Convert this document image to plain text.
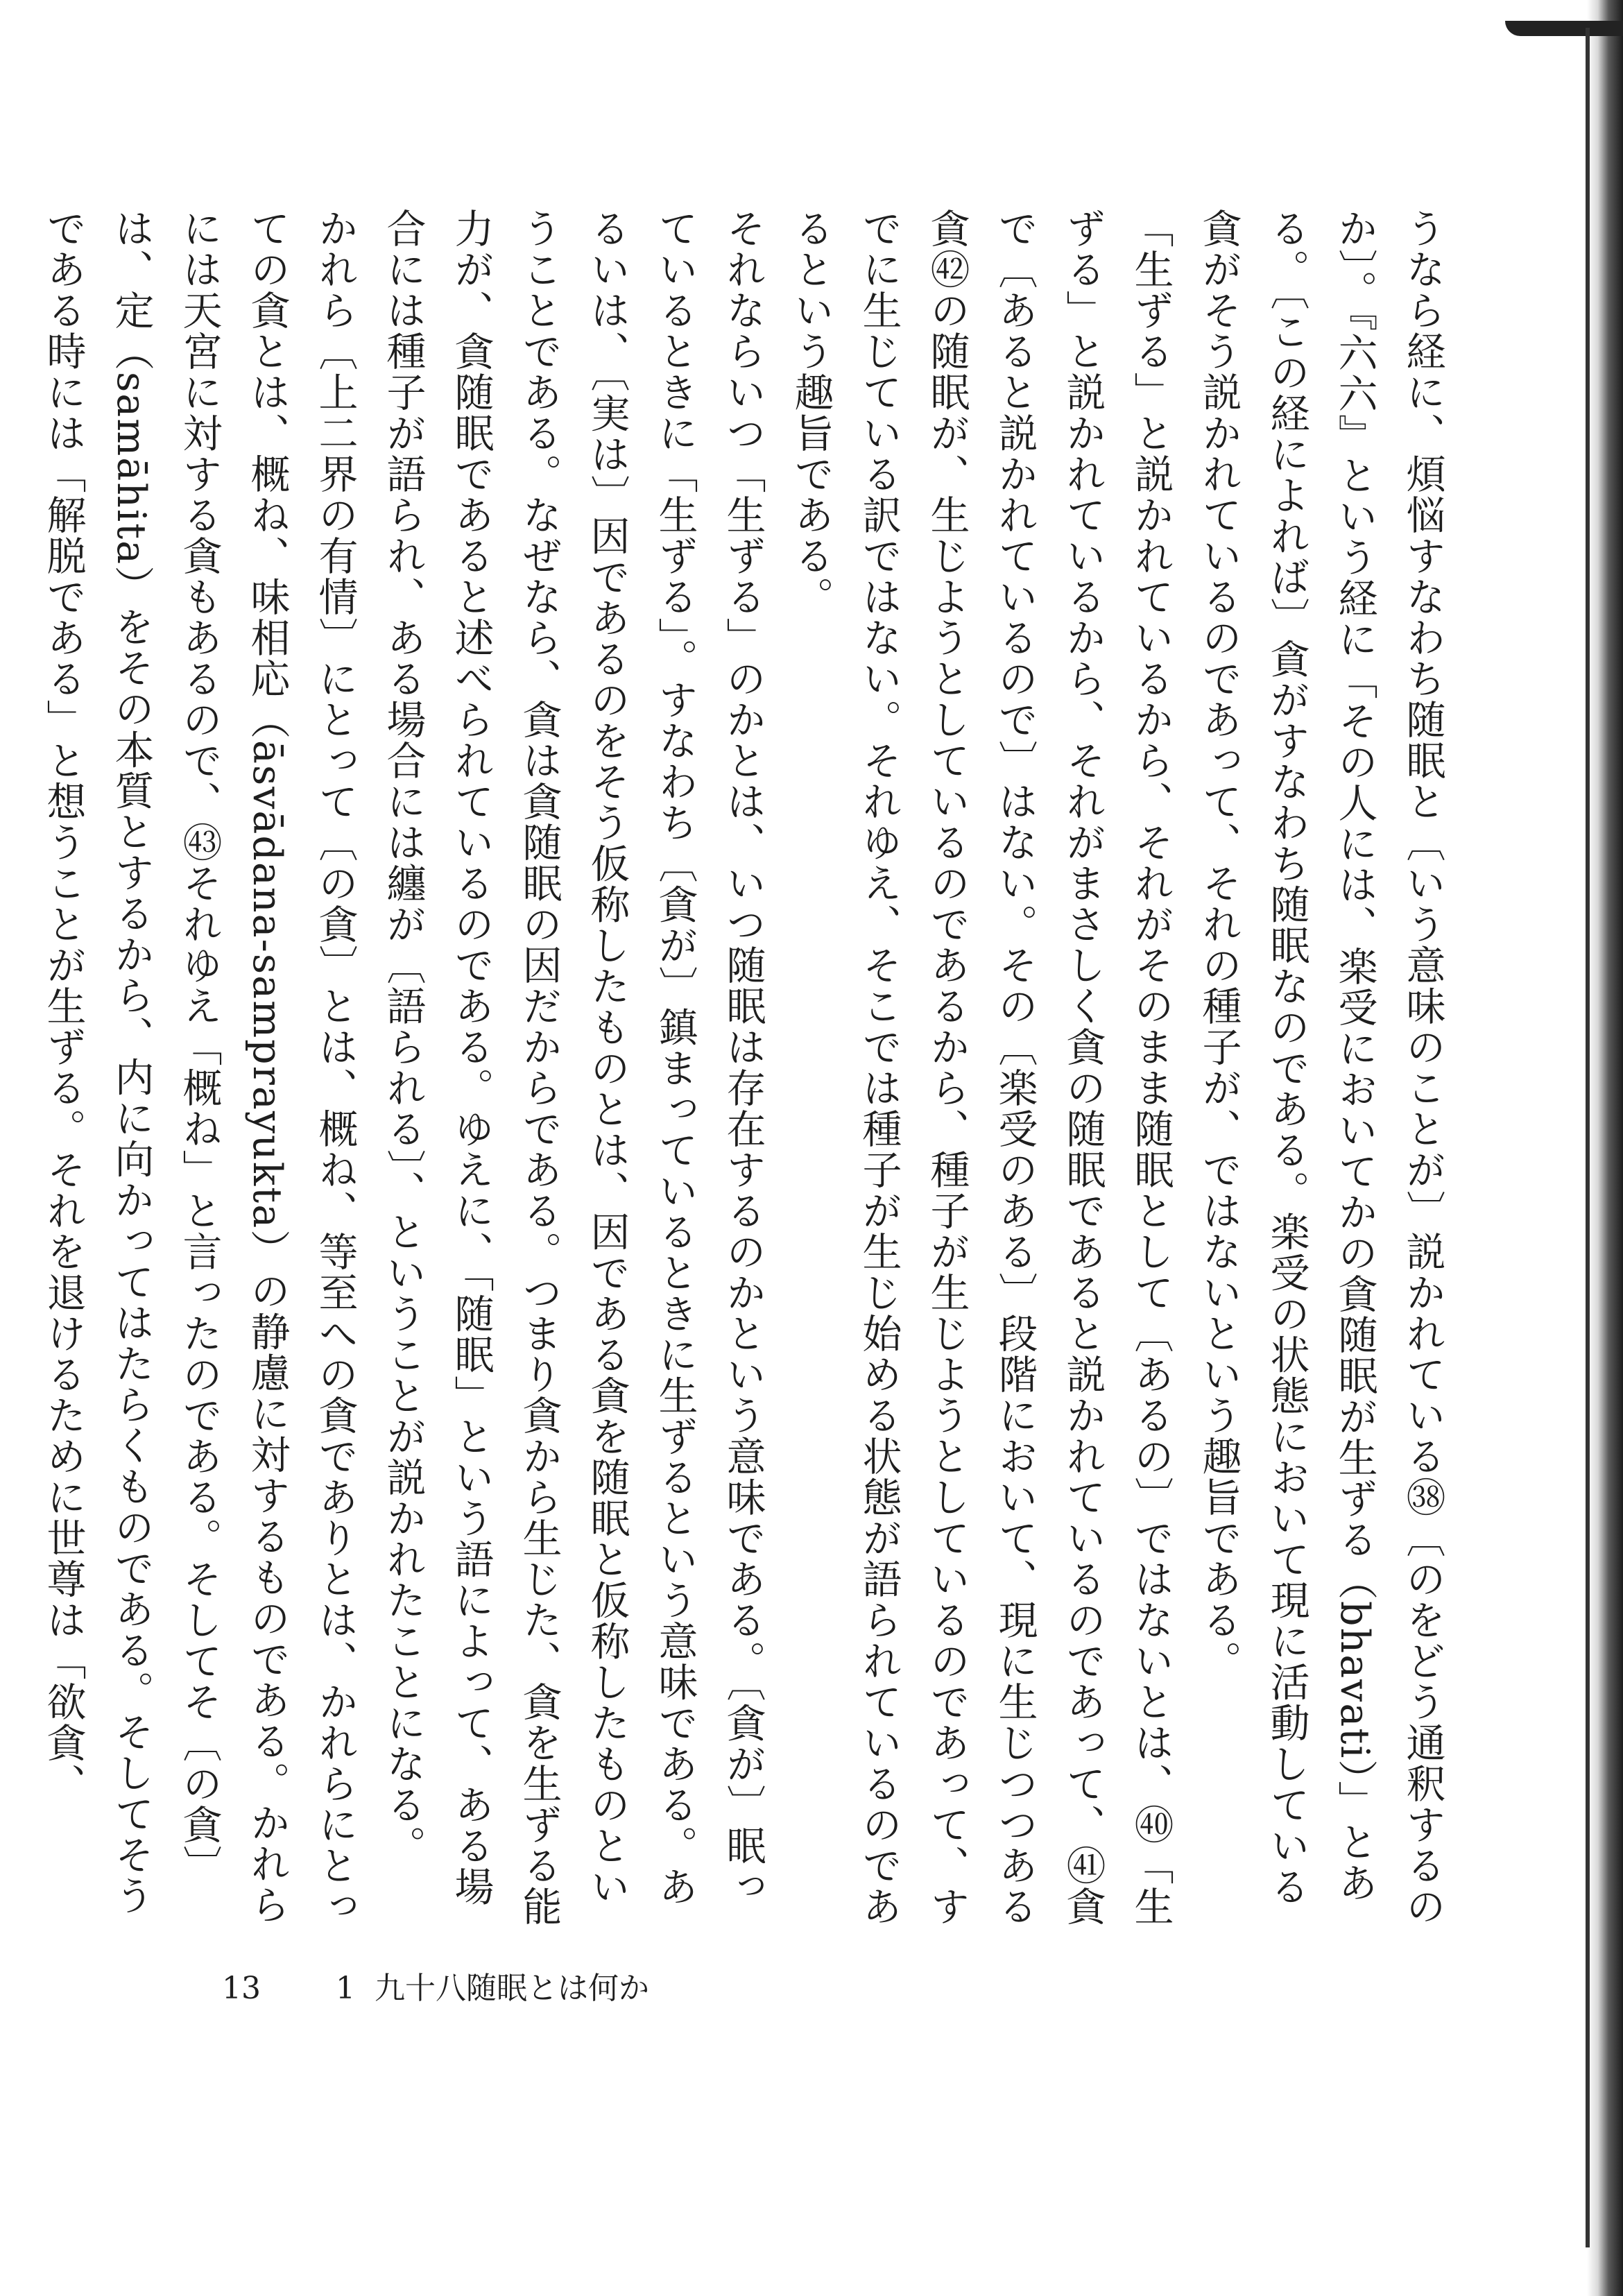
うなら経に、煩悩すなわち随眠と〔いう意味のことが〕説かれている㊳〔のをどう通釈するのか〕。『六六』という経に「その人には、楽受においてかの貪随眠が生ずる（bhavati）」とある。〔この経によれば〕貪がすなわち随眠なのである。楽受の状態において現に活動している貪がそう説かれているのであって、それの種子が、ではないという趣旨である。

「生ずる」と説かれているから、それがそのまま随眠として〔あるの〕ではないとは、㊵「生ずる」と説かれているから、それがまさしく貪の随眠であると説かれているのであって、㊶貪で〔あると説かれているので〕はない。その〔楽受のある〕段階において、現に生じつつある貪㊷の随眠が、生じようとしているのであるから、種子が生じようとしているのであって、すでに生じている訳ではない。それゆえ、そこでは種子が生じ始める状態が語られているのであるという趣旨である。

それならいつ「生ずる」のかとは、いつ随眠は存在するのかという意味である。〔貪が〕眠っているときに「生ずる」。すなわち〔貪が〕鎮まっているときに生ずるという意味である。あるいは、〔実は〕因であるのをそう仮称したものとは、因である貪を随眠と仮称したものということである。なぜなら、貪は貪随眠の因だからである。つまり貪から生じた、貪を生ずる能力が、貪随眠であると述べられているのである。ゆえに、「随眠」という語によって、ある場合には種子が語られ、ある場合には纏が〔語られる〕、ということが説かれたことになる。

かれら〔上二界の有情〕にとって〔の貪〕とは、概ね、等至への貪でありとは、かれらにとっての貪とは、概ね、味相応（āsvādana-samprayukta）の静慮に対するものである。かれらには天宮に対する貪もあるので、㊸それゆえ「概ね」と言ったのである。そしてそ〔の貪〕は、定（samāhita）をその本質とするから、内に向かってはたらくものである。そしてそうである時には「解脱である」と想うことが生ずる。それを退けるために世尊は「欲貪、

13 1 九十八随眠とは何か
